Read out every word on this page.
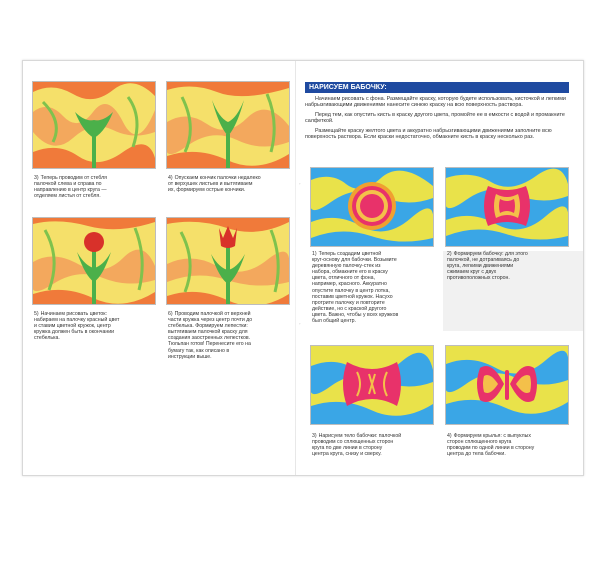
3) Теперь проводим от стебля
палочкой слева и справа по
направлению в центр круга —
отделяем листья от стебля.
4) Опускаем кончик палочки недалеко
от верхушек листьев и вытягиваем
их, формируем острые кончики.
5) Начинаем рисовать цветок:
набираем на палочку красный цвет
и ставим цветной кружок, центр
кружка должен быть в окончании
стебелька.
6) Проводим палочкой от верхней
части кружка через центр почти до
стебелька. Формируем лепестки:
вытягиваем палочкой краску для
создания заостренных лепестков.
Тюльпан готов! Перенесите его на
бумагу так, как описано в
инструкции выше.
◦
◦
НАРИСУЕМ БАБОЧКУ:

Начинаем рисовать с фона. Размещайте краску, которую будете использовать, кисточкой и легкими набрызгивающими движениями нанесите синюю краску на всю поверхность раствора.

Перед тем, как опустить кисть в краску другого цвета, промойте ее в емкости с водой и промакните салфеткой.

Размещайте краску желтого цвета и аккуратно набрызгивающими движениями заполните всю поверхность раствора. Если краски недостаточно, обмакните кисть в краску несколько раз.

1) Теперь создадим цветной
круг-основу для бабочки. Возьмите
деревянную палочку-стек из
набора, обмакните его в краску
цвета, отличного от фона,
например, красного. Аккуратно
опустите палочку в центр лотка,
поставив цветной кружок. Насухо
протрите палочку и повторите
действие, но с краской другого
цвета. Важно, чтобы у всех кружков
был общий центр.
2) Формируем бабочку: для этого
палочкой, не дотрагиваясь до
круга, легкими движениями
сжимаем круг с двух
противоположных сторон.
3) Нарисуем тело бабочки: палочкой
проводим со сплющенных сторон
круга по две линии в сторону
центра круга, снизу и сверху.
4) Формируем крылья: с выпуклых
сторон сплющенного круга
проводим по одной линии в сторону
центра до тела бабочки.
